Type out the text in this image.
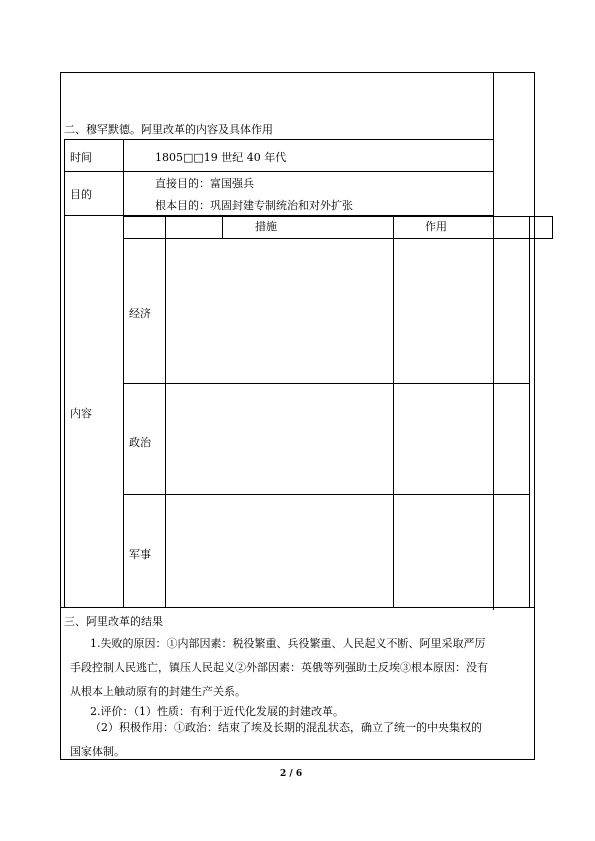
二、穆罕默德。阿里改革的内容及具体作用
时间	1805□□19 世纪 40 年代
目的
直接目的：富国强兵
根本目的：巩固封建专制统治和对外扩张
措施	作用
内容
经济
政治
军事
三、阿里改革的结果
1.失败的原因：①内部因素：税役繁重、兵役繁重、人民起义不断、阿里采取严厉手段控制人民逃亡，镇压人民起义②外部因素：英俄等列强助土反埃③根本原因：没有从根本上触动原有的封建生产关系。
2.评价：（1）性质：有利于近代化发展的封建改革。
（2）积极作用：①政治：结束了埃及长期的混乱状态，确立了统一的中央集权的国家体制。
2 / 6
